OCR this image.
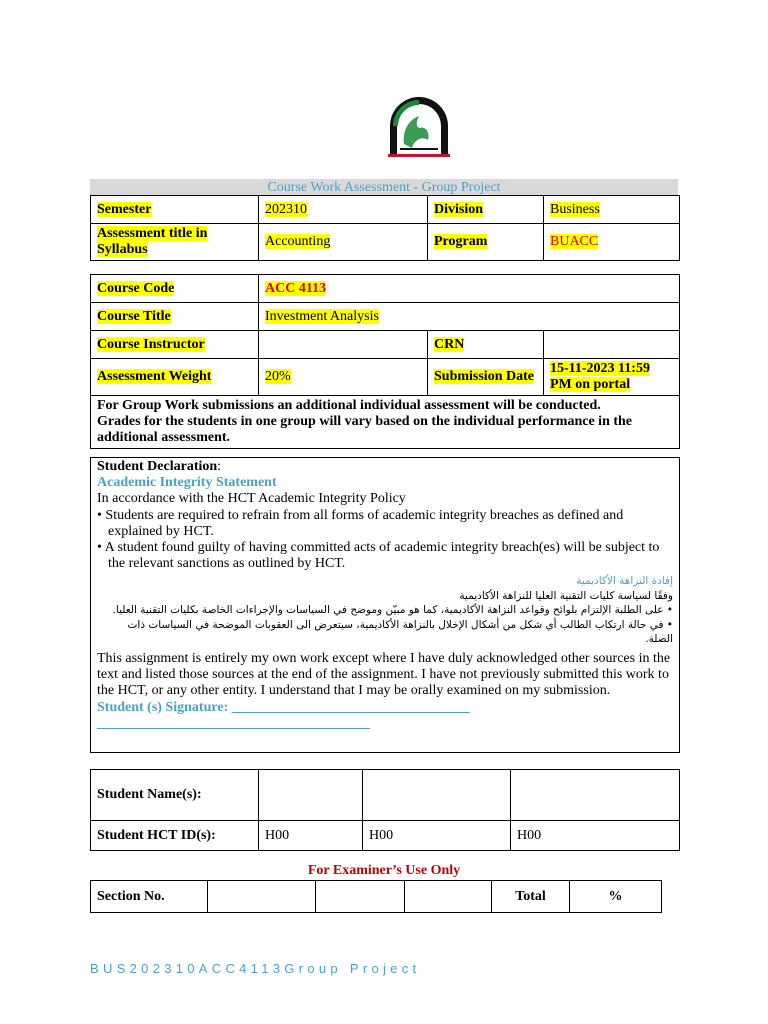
Course Work Assessment - Group Project
Semester	202310	Division	Business
Assessment title in Syllabus	Accounting	Program	BUACC
Course Code	ACC 4113		
Course Title	Investment Analysis		
Course Instructor		CRN	
Assessment Weight	20%	Submission Date	15-11-2023 11:59 PM on portal

For Group Work submissions an additional individual assessment will be conducted.
Grades for the students in one group will vary based on the individual performance in the additional assessment.			

Student Declaration:

Academic Integrity Statement

In accordance with the HCT Academic Integrity Policy

• Students are required to refrain from all forms of academic integrity breaches as defined and explained by HCT.

• A student found guilty of having committed acts of academic integrity breach(es) will be subject to the relevant sanctions as outlined by HCT.

إفادة النزاهة الأكاديمية

وفقًا لسياسة كليات التقنية العليا للنزاهة الأكاديمية

• على الطلبة الإلتزام بلوائح وقواعد النزاهة الأكاديمية، كما هو مبيّن وموضح في السياسات والإجراءات الخاصة بكليات التقنية العليا.

• في حالة ارتكاب الطالب أي شكل من أشكال الإخلال بالنزاهة الأكاديمية، سيتعرض الى العقوبات الموضحة في السياسات ذات الصلة.

This assignment is entirely my own work except where I have duly acknowledged other sources in the text and listed those sources at the end of the assignment. I have not previously submitted this work to the HCT, or any other entity. I understand that I may be orally examined on my submission.

Student (s) Signature: __________________________________

_______________________________________

Student Name(s):			
Student HCT ID(s):	H00	H00	H00
For Examiner’s Use Only
Section No.				Total	%
BUS202310ACC4113Group Project
